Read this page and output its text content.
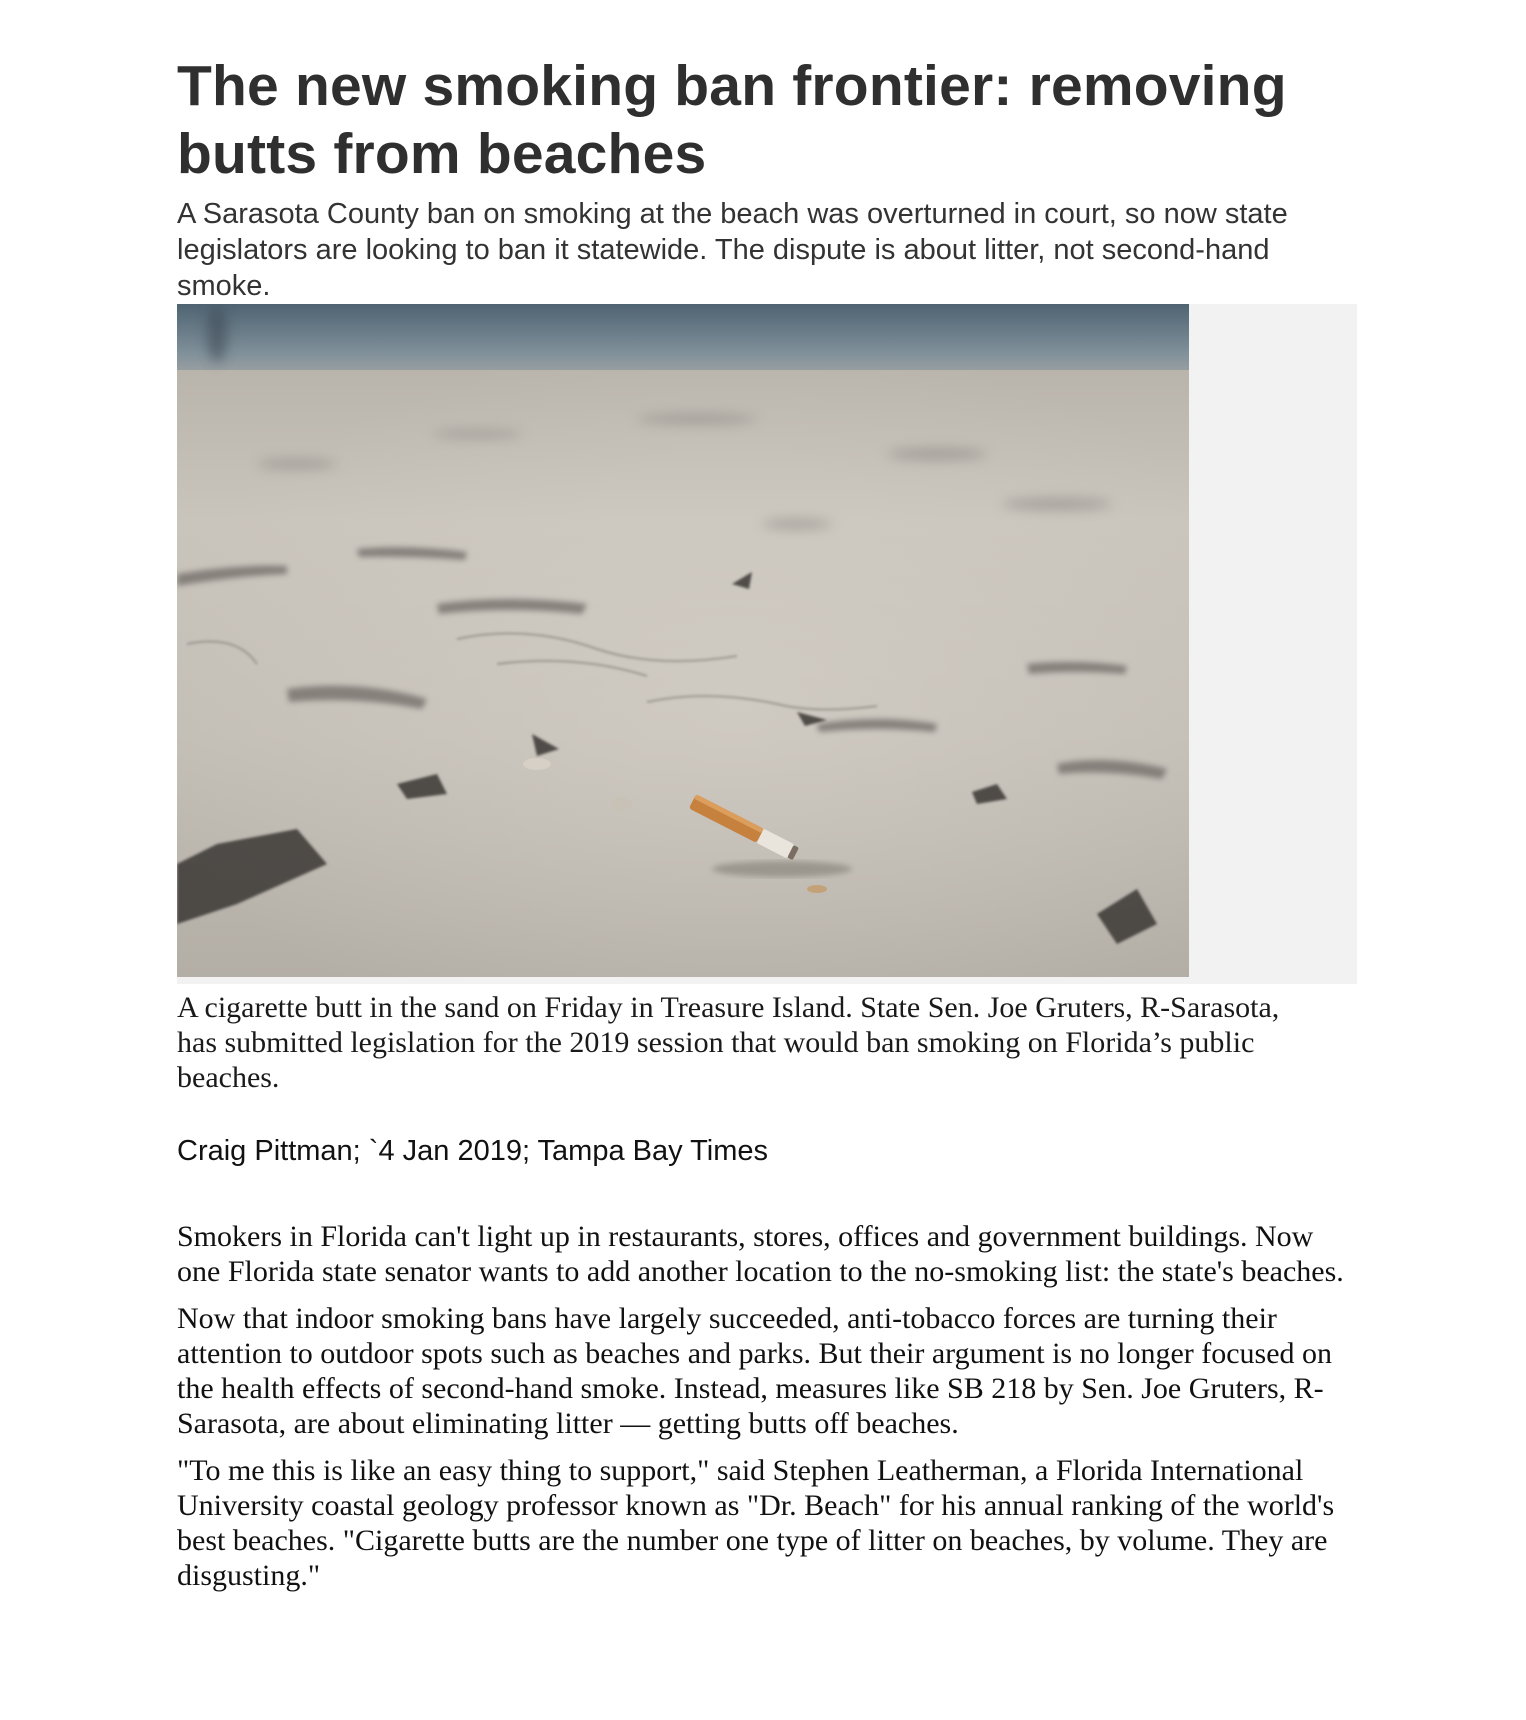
The new smoking ban frontier: removing butts from beaches

A Sarasota County ban on smoking at the beach was overturned in court, so now state legislators are looking to ban it statewide. The dispute is about litter, not second-hand smoke.

A cigarette butt in the sand on Friday in Treasure Island. State Sen. Joe Gruters, R-Sarasota, has submitted legislation for the 2019 session that would ban smoking on Florida’s public beaches.

Craig Pittman; `4 Jan 2019; Tampa Bay Times

Smokers in Florida can't light up in restaurants, stores, offices and government buildings. Now one Florida state senator wants to add another location to the no-smoking list: the state's beaches.

Now that indoor smoking bans have largely succeeded, anti-tobacco forces are turning their attention to outdoor spots such as beaches and parks. But their argument is no longer focused on the health effects of second-hand smoke. Instead, measures like SB 218 by Sen. Joe Gruters, R-Sarasota, are about eliminating litter — getting butts off beaches.

"To me this is like an easy thing to support," said Stephen Leatherman, a Florida International University coastal geology professor known as "Dr. Beach" for his annual ranking of the world's best beaches. "Cigarette butts are the number one type of litter on beaches, by volume. They are disgusting."
